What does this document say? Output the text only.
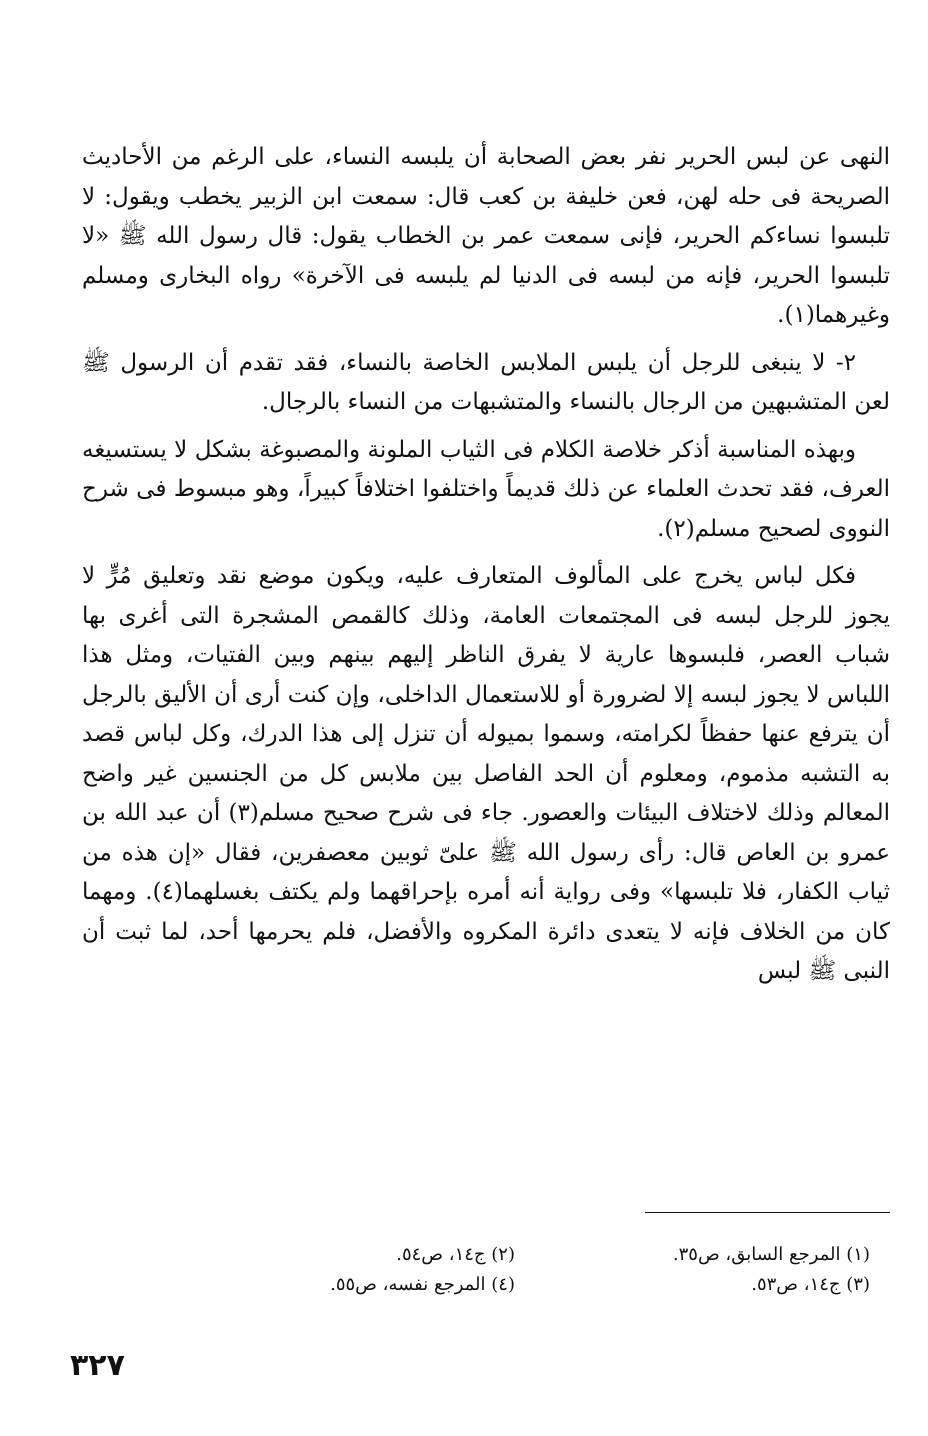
النهى عن لبس الحرير نفر بعض الصحابة أن يلبسه النساء، على الرغم من الأحاديث الصريحة فى حله لهن، فعن خليفة بن كعب قال: سمعت ابن الزبير يخطب ويقول: لا تلبسوا نساءكم الحرير، فإنى سمعت عمر بن الخطاب يقول: قال رسول الله ﷺ «لا تلبسوا الحرير، فإنه من لبسه فى الدنيا لم يلبسه فى الآخرة» رواه البخارى ومسلم وغيرهما(١).

٢- لا ينبغى للرجل أن يلبس الملابس الخاصة بالنساء، فقد تقدم أن الرسول ﷺ لعن المتشبهين من الرجال بالنساء والمتشبهات من النساء بالرجال.

وبهذه المناسبة أذكر خلاصة الكلام فى الثياب الملونة والمصبوغة بشكل لا يستسيغه العرف، فقد تحدث العلماء عن ذلك قديماً واختلفوا اختلافاً كبيراً، وهو مبسوط فى شرح النووى لصحيح مسلم(٢).

فكل لباس يخرج على المألوف المتعارف عليه، ويكون موضع نقد وتعليق مُرٍّ لا يجوز للرجل لبسه فى المجتمعات العامة، وذلك كالقمص المشجرة التى أغرى بها شباب العصر، فلبسوها عارية لا يفرق الناظر إليهم بينهم وبين الفتيات، ومثل هذا اللباس لا يجوز لبسه إلا لضرورة أو للاستعمال الداخلى، وإن كنت أرى أن الأليق بالرجل أن يترفع عنها حفظاً لكرامته، وسموا بميوله أن تنزل إلى هذا الدرك، وكل لباس قصد به التشبه مذموم، ومعلوم أن الحد الفاصل بين ملابس كل من الجنسين غير واضح المعالم وذلك لاختلاف البيئات والعصور. جاء فى شرح صحيح مسلم(٣) أن عبد الله بن عمرو بن العاص قال: رأى رسول الله ﷺ علىّ ثوبين معصفرين، فقال «إن هذه من ثياب الكفار، فلا تلبسها» وفى رواية أنه أمره بإحراقهما ولم يكتف بغسلهما(٤). ومهما كان من الخلاف فإنه لا يتعدى دائرة المكروه والأفضل، فلم يحرمها أحد، لما ثبت أن النبى ﷺ لبس

(١) المرجع السابق، ص٣٥.
(٢) ج١٤، ص٥٤.
(٣) ج١٤، ص٥٣.
(٤) المرجع نفسه، ص٥٥.
٣٢٧
